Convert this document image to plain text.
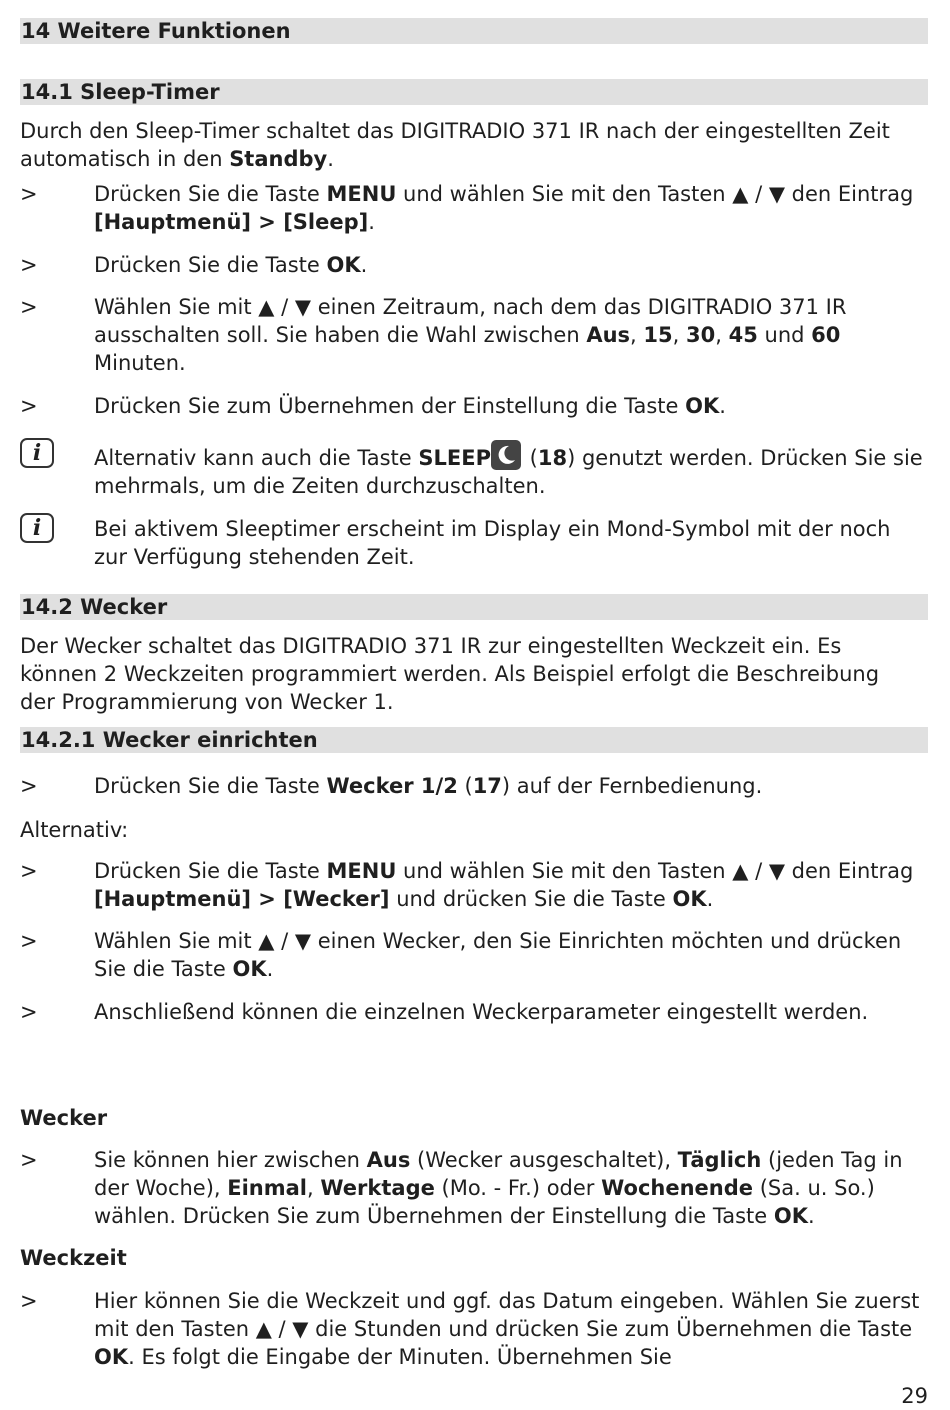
14 Weitere Funktionen
14.1 Sleep-Timer
Durch den Sleep-Timer schaltet das DIGITRADIO 371 IR nach der eingestellten Zeit automatisch in den Standby.
>	Drücken Sie die Taste MENU und wählen Sie mit den Tasten ▲ / ▼ den Eintrag [Hauptmenü] > [Sleep].
>	Drücken Sie die Taste OK.
>	Wählen Sie mit ▲ / ▼ einen Zeitraum, nach dem das DIGITRADIO 371 IR ausschalten soll. Sie haben die Wahl zwischen Aus, 15, 30, 45 und 60 Minuten.
>	Drücken Sie zum Übernehmen der Einstellung die Taste OK.
i	Alternativ kann auch die Taste SLEEP
(18) genutzt werden. Drücken Sie sie mehrmals, um die Zeiten durchzuschalten.
i	Bei aktivem Sleeptimer erscheint im Display ein Mond-Symbol mit der noch zur Verfügung stehenden Zeit.
14.2 Wecker
Der Wecker schaltet das DIGITRADIO 371 IR zur eingestellten Weckzeit ein. Es können 2 Weckzeiten programmiert werden. Als Beispiel erfolgt die Beschreibung der Programmierung von Wecker 1.
14.2.1 Wecker einrichten
>	Drücken Sie die Taste Wecker 1/2 (17) auf der Fernbedienung.
Alternativ:
>	Drücken Sie die Taste MENU und wählen Sie mit den Tasten ▲ / ▼ den Eintrag [Hauptmenü] > [Wecker] und drücken Sie die Taste OK.
>	Wählen Sie mit ▲ / ▼ einen Wecker, den Sie Einrichten möchten und drücken Sie die Taste OK.
>	Anschließend können die einzelnen Weckerparameter eingestellt werden.
Wecker
>	Sie können hier zwischen Aus (Wecker ausgeschaltet), Täglich (jeden Tag in der Woche), Einmal, Werktage (Mo. - Fr.) oder Wochenende (Sa. u. So.) wählen. Drücken Sie zum Übernehmen der Einstellung die Taste OK.
Weckzeit
>	Hier können Sie die Weckzeit und ggf. das Datum eingeben. Wählen Sie zuerst mit den Tasten ▲ / ▼ die Stunden und drücken Sie zum Übernehmen die Taste OK. Es folgt die Eingabe der Minuten. Übernehmen Sie
29
